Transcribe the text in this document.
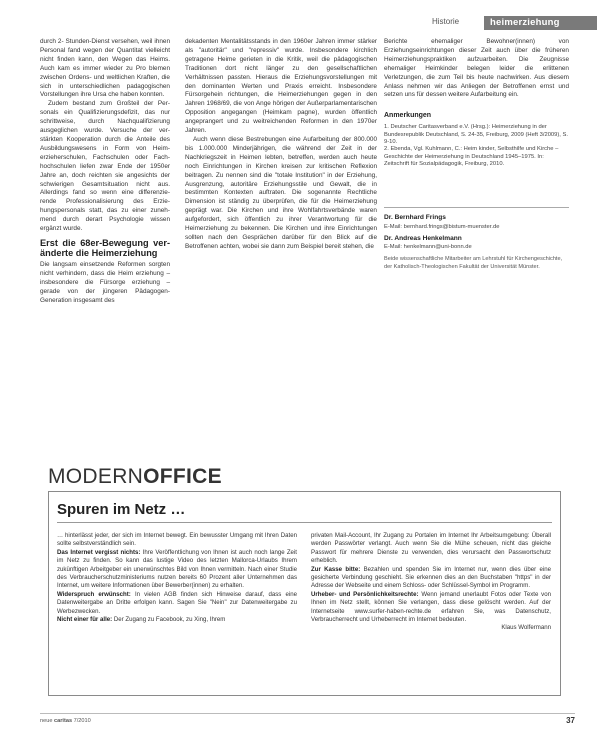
Historie	heimerziehung

durch 2- Stunden-Dienst versehen, weil ihnen Personal fand wegen der Quantitat vielleicht nicht finden kann, den Wegen das Heims. Auch kam es immer wieder zu Pro blemen zwischen Ordens- und weltlichen Kraften, die sich in unterschiedlichen padagogischen Vorstellungen ihre Ursa che haben konnten.

Zudem bestand zum Großteil der Per sonals ein Qualifizierungsdefizit, das nur schrittweise, durch Nachqualifizierung ausgeglichen wurde. Versuche der ver stärkten Kooperation durch die Anteile des Ausbildungswesens in Form von Heim erzieherschulen, Fachschulen oder Fach hochschulen liefen zwar Ende der 1950er Jahre an, doch reichten sie angesichts der schwierigen Gesamtsituation nicht aus. Allerdings fand so wenn eine differenzie rende Professionalisierung des Erzie hungspersonals statt, das zu einer zuneh mend durch derart Psychologie wissen ergänzt wurde.

Erst die 68er-Bewegung ver änderte die Heimerziehung

Die langsam einsetzende Reformen sorgten nicht verhindern, dass die Heim erziehung – insbesondere die Fürsorge erziehung – gerade von der jüngeren Pädagogen-Generation insgesamt des

dekadenten Mentalitätsstands in den 1960er Jahren immer stärker als "autoritär" und "repressiv" wurde. Insbesondere kirchlich getragene Heime gerieten in die Kritik, weil die pädagogischen Traditionen dort nicht länger zu den gesellschaftlichen Verhältnissen passten. Hieraus die Erziehungsvorstellungen mit den dominanten Werten und Praxis erreicht. Insbesondere Fürsorgehein richtungen, die Heimerziehungen gegen in den Jahren 1968/69, die von Ange hörigen der Außerparlamentarischen Opposition angegangen (Heimkam pagne), wurden öffentlich angeprangert und zu weitreichenden Reformen in den 1970er Jahren.

Auch wenn diese Bestrebungen eine Aufarbeitung der 800.000 bis 1.000.000 Minderjährigen, die während der Zeit in der Nachkriegszeit in Heimen lebten, betreffen, werden auch heute noch Einrichtungen in Kirchen kreisen zur kritischen Reflexion beitragen. Zu nennen sind die "totale Institution" in der Erziehung, Ausgrenzung, autoritäre Erziehungsstile und Gewalt, die in bestimmten Kontexten auftraten. Die sogenannte Rechtliche Dimension ist ständig zu überprüfen, die für die Heimerziehung geprägt war. Die Kirchen und ihre Wohlfahrtsverbände waren aufgefordert, sich öffentlich zu ihrer Verantwortung für die Heimerziehung zu bekennen. Die Kirchen und ihre Einrichtungen sollten nach den Gesprächen darüber für den Blick auf die Betroffenen achten, wobei sie dann zum Beispiel bereit stehen, die

Berichte ehemaliger Bewohner(innen) von Erziehungseinrichtungen dieser Zeit auch über die früheren Heimerziehungspraktiken aufzuarbeiten. Die Zeugnisse ehemaliger Heimkinder belegen leider die erlittenen Verletzungen, die zum Teil bis heute nachwirken. Aus diesem Anlass nehmen wir das Anliegen der Betroffenen ernst und setzen uns für dessen weitere Aufarbeitung ein.

Anmerkungen

1. Deutscher Caritasverband e.V. (Hrsg.): Heimerziehung in der Bundesrepublik Deutschland, S. 24-35, Freiburg, 2009 (Heft 3/2009), S. 9-10.

2. Ebenda, Vgl. Kuhlmann, C.: Heim kinder, Selbsthilfe und Kirche – Geschichte der Heimerziehung in Deutschland 1945–1975. In: Zeitschrift für Sozialpädagogik, Freiburg, 2010.

Dr. Bernhard Frings
E-Mail: bernhard.frings@bistum-muenster.de
Dr. Andreas Henkelmann
E-Mail: henkelmann@uni-bonn.de
Beide wissenschaftliche Mitarbeiter am Lehrstuhl für Kirchengeschichte, der Katholisch-Theologischen Fakultät der Universität Münster.
MODERNOFFICE
Spuren im Netz …

… hinterlässt jeder, der sich im Internet bewegt. Ein bewusster Umgang mit Ihren Daten sollte selbstverständlich sein.

Das Internet vergisst nichts: Ihre Veröffentlichung von Ihnen ist auch noch lange Zeit im Netz zu finden. So kann das lustige Video des letzten Mallorca-Urlaubs Ihrem zukünftigen Arbeitgeber ein unerwünschtes Bild von Ihnen vermitteln. Nach einer Studie des Verbraucherschutzministeriums nutzen bereits 60 Prozent aller Unternehmen das Internet, um weitere Informationen über Bewerber(innen) zu erhalten.

Widerspruch erwünscht: In vielen AGB finden sich Hinweise darauf, dass eine Datenweitergabe an Dritte erfolgen kann. Sagen Sie "Nein" zur Datenweitergabe zu Werbezwecken.

Nicht einer für alle: Der Zugang zu Facebook, zu Xing, Ihrem

privaten Mail-Account, Ihr Zugang zu Portalen im Internet Ihr Arbeitsumgebung: Überall werden Passwörter verlangt. Auch wenn Sie die Mühe scheuen, nicht das gleiche Passwort für mehrere Dienste zu verwenden, dies verursacht den Passwortschutz erheblich.

Zur Kasse bitte: Bezahlen und spenden Sie im Internet nur, wenn dies über eine gesicherte Verbindung geschieht. Sie erkennen dies an den Buchstaben "https" in der Adresse der Webseite und einem Schloss- oder Schlüssel-Symbol im Programm.

Urheber- und Persönlichkeitsrechte: Wenn jemand unerlaubt Fotos oder Texte von Ihnen im Netz stellt, können Sie verlangen, dass diese gelöscht werden. Auf der Internetseite www.surfer-haben-rechte.de erfahren Sie, was Datenschutz, Verbraucherrecht und Urheberrecht im Internet bedeuten.

Klaus Wolfermann

neue caritas 7/2010	37
